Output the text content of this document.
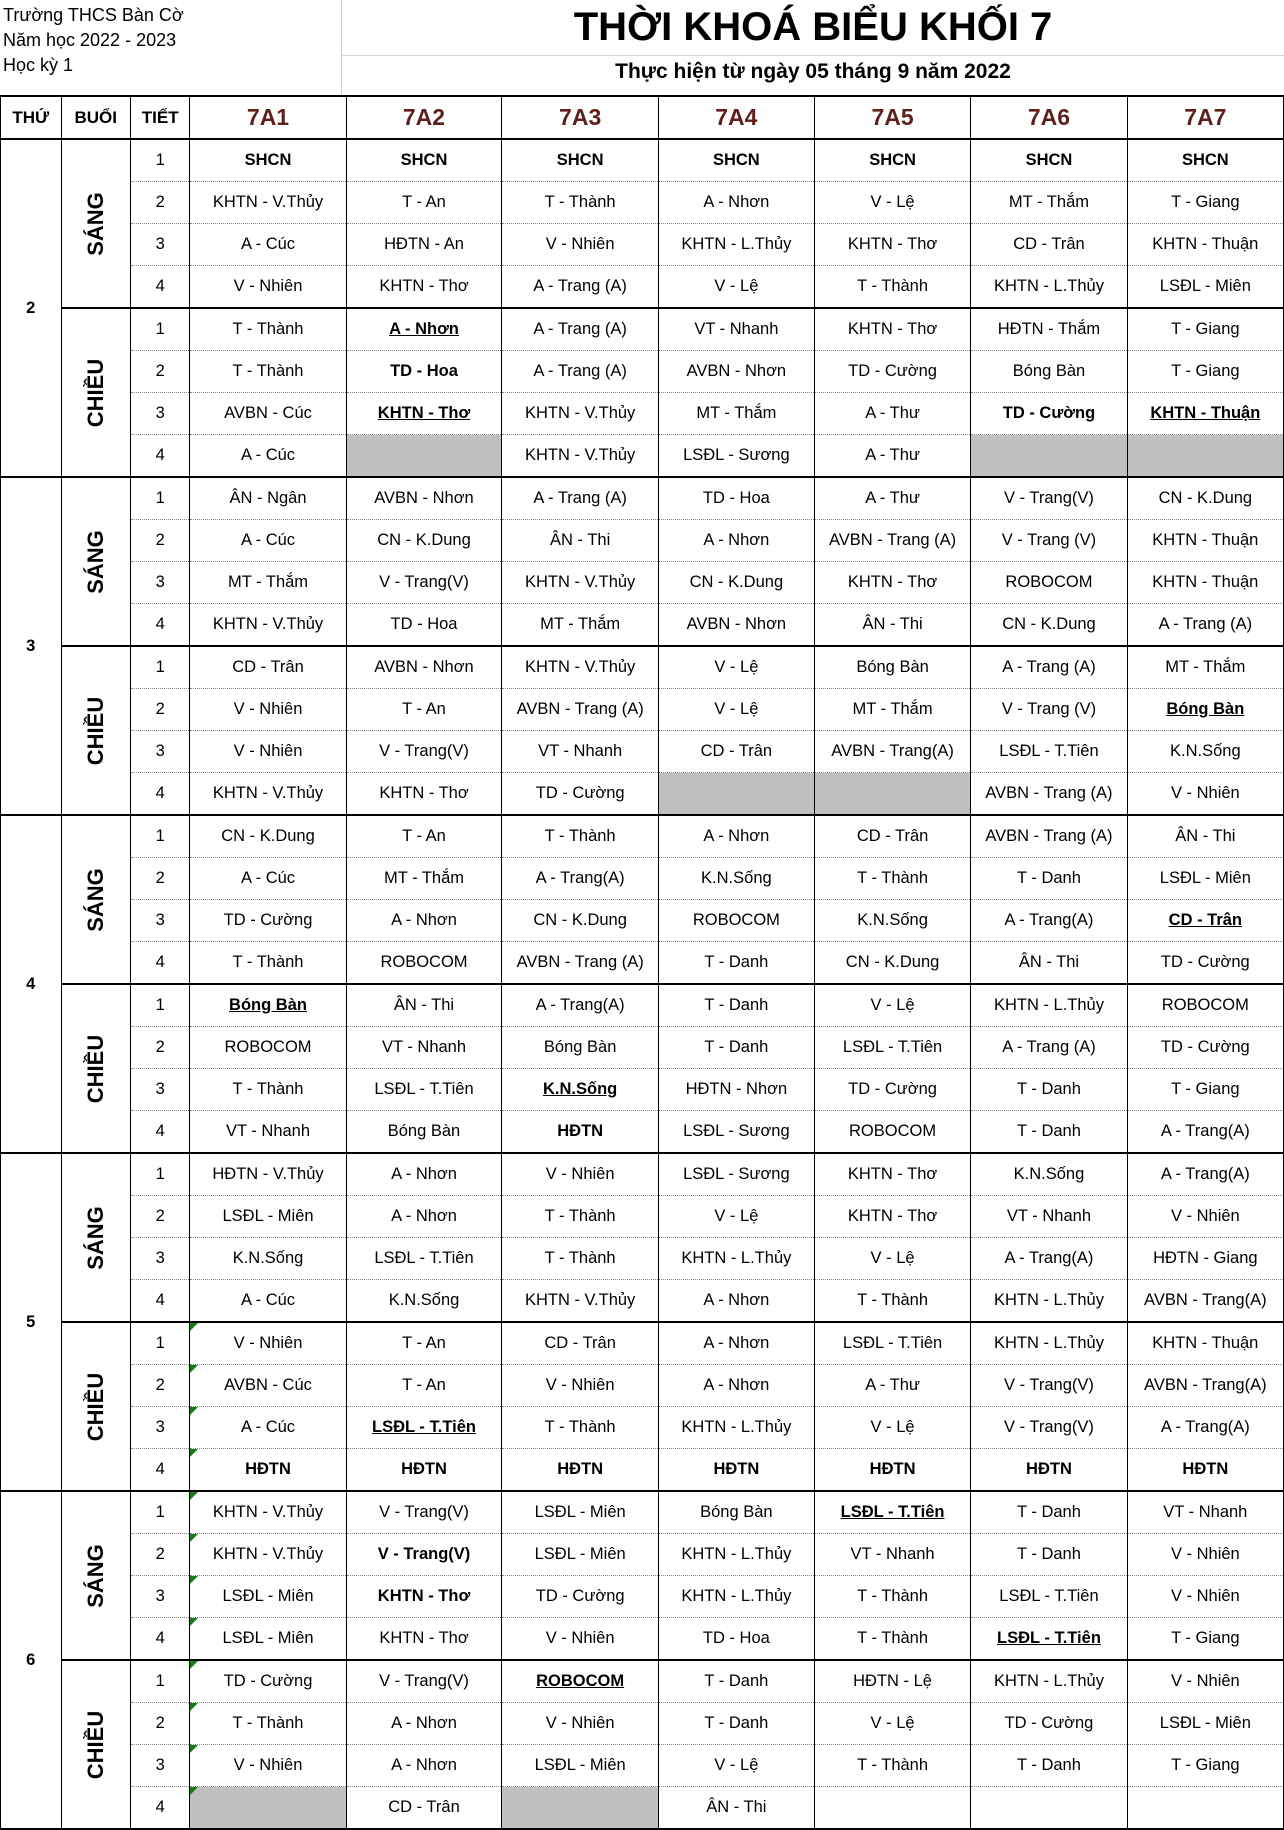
Trường THCS Bàn Cờ
Năm học 2022 - 2023
Học kỳ 1
THỜI KHOÁ BIỂU KHỐI 7
Thực hiện từ ngày 05 tháng 9 năm 2022
THỨ	BUỔI	TIẾT	7A1	7A2	7A3	7A4	7A5	7A6	7A7
2	SÁNG	1	SHCN	SHCN	SHCN	SHCN	SHCN	SHCN	SHCN
		2	KHTN - V.Thủy	T - An	T - Thành	A - Nhơn	V - Lệ	MT - Thắm	T - Giang
		3	A - Cúc	HĐTN - An	V - Nhiên	KHTN - L.Thủy	KHTN - Thơ	CD - Trân	KHTN - Thuận
		4	V - Nhiên	KHTN - Thơ	A - Trang (A)	V - Lệ	T - Thành	KHTN - L.Thủy	LSĐL - Miên
	CHIỀU	1	T - Thành	A - Nhơn	A - Trang (A)	VT - Nhanh	KHTN - Thơ	HĐTN - Thắm	T - Giang
		2	T - Thành	TD - Hoa	A - Trang (A)	AVBN - Nhơn	TD - Cường	Bóng Bàn	T - Giang
		3	AVBN - Cúc	KHTN - Thơ	KHTN - V.Thủy	MT - Thắm	A - Thư	TD - Cường	KHTN - Thuận
		4	A - Cúc		KHTN - V.Thủy	LSĐL - Sương	A - Thư		
3	SÁNG	1	ÂN - Ngân	AVBN - Nhơn	A - Trang (A)	TD - Hoa	A - Thư	V - Trang(V)	CN - K.Dung
		2	A - Cúc	CN - K.Dung	ÂN - Thi	A - Nhơn	AVBN - Trang (A)	V - Trang (V)	KHTN - Thuận
		3	MT - Thắm	V - Trang(V)	KHTN - V.Thủy	CN - K.Dung	KHTN - Thơ	ROBOCOM	KHTN - Thuận
		4	KHTN - V.Thủy	TD - Hoa	MT - Thắm	AVBN - Nhơn	ÂN - Thi	CN - K.Dung	A - Trang (A)
	CHIỀU	1	CD - Trân	AVBN - Nhơn	KHTN - V.Thủy	V - Lệ	Bóng Bàn	A - Trang (A)	MT - Thắm
		2	V - Nhiên	T - An	AVBN - Trang (A)	V - Lệ	MT - Thắm	V - Trang (V)	Bóng Bàn
		3	V - Nhiên	V - Trang(V)	VT - Nhanh	CD - Trân	AVBN - Trang(A)	LSĐL - T.Tiên	K.N.Sống
		4	KHTN - V.Thủy	KHTN - Thơ	TD - Cường			AVBN - Trang (A)	V - Nhiên
4	SÁNG	1	CN - K.Dung	T - An	T - Thành	A - Nhơn	CD - Trân	AVBN - Trang (A)	ÂN - Thi
		2	A - Cúc	MT - Thắm	A - Trang(A)	K.N.Sống	T - Thành	T - Danh	LSĐL - Miên
		3	TD - Cường	A - Nhơn	CN - K.Dung	ROBOCOM	K.N.Sống	A - Trang(A)	CD - Trân
		4	T - Thành	ROBOCOM	AVBN - Trang (A)	T - Danh	CN - K.Dung	ÂN - Thi	TD - Cường
	CHIỀU	1	Bóng Bàn	ÂN - Thi	A - Trang(A)	T - Danh	V - Lệ	KHTN - L.Thủy	ROBOCOM
		2	ROBOCOM	VT - Nhanh	Bóng Bàn	T - Danh	LSĐL - T.Tiên	A - Trang (A)	TD - Cường
		3	T - Thành	LSĐL - T.Tiên	K.N.Sống	HĐTN - Nhơn	TD - Cường	T - Danh	T - Giang
		4	VT - Nhanh	Bóng Bàn	HĐTN	LSĐL - Sương	ROBOCOM	T - Danh	A - Trang(A)
5	SÁNG	1	HĐTN - V.Thủy	A - Nhơn	V - Nhiên	LSĐL - Sương	KHTN - Thơ	K.N.Sống	A - Trang(A)
		2	LSĐL - Miên	A - Nhơn	T - Thành	V - Lệ	KHTN - Thơ	VT - Nhanh	V - Nhiên
		3	K.N.Sống	LSĐL - T.Tiên	T - Thành	KHTN - L.Thủy	V - Lệ	A - Trang(A)	HĐTN - Giang
		4	A - Cúc	K.N.Sống	KHTN - V.Thủy	A - Nhơn	T - Thành	KHTN - L.Thủy	AVBN - Trang(A)
	CHIỀU	1	V - Nhiên	T - An	CD - Trân	A - Nhơn	LSĐL - T.Tiên	KHTN - L.Thủy	KHTN - Thuận
		2	AVBN - Cúc	T - An	V - Nhiên	A - Nhơn	A - Thư	V - Trang(V)	AVBN - Trang(A)
		3	A - Cúc	LSĐL - T.Tiên	T - Thành	KHTN - L.Thủy	V - Lệ	V - Trang(V)	A - Trang(A)
		4	HĐTN	HĐTN	HĐTN	HĐTN	HĐTN	HĐTN	HĐTN
6	SÁNG	1	KHTN - V.Thủy	V - Trang(V)	LSĐL - Miên	Bóng Bàn	LSĐL - T.Tiên	T - Danh	VT - Nhanh
		2	KHTN - V.Thủy	V - Trang(V)	LSĐL - Miên	KHTN - L.Thủy	VT - Nhanh	T - Danh	V - Nhiên
		3	LSĐL - Miên	KHTN - Thơ	TD - Cường	KHTN - L.Thủy	T - Thành	LSĐL - T.Tiên	V - Nhiên
		4	LSĐL - Miên	KHTN - Thơ	V - Nhiên	TD - Hoa	T - Thành	LSĐL - T.Tiên	T - Giang
	CHIỀU	1	TD - Cường	V - Trang(V)	ROBOCOM	T - Danh	HĐTN - Lệ	KHTN - L.Thủy	V - Nhiên
		2	T - Thành	A - Nhơn	V - Nhiên	T - Danh	V - Lệ	TD - Cường	LSĐL - Miên
		3	V - Nhiên	A - Nhơn	LSĐL - Miên	V - Lệ	T - Thành	T - Danh	T - Giang
		4		CD - Trân		ÂN - Thi			
